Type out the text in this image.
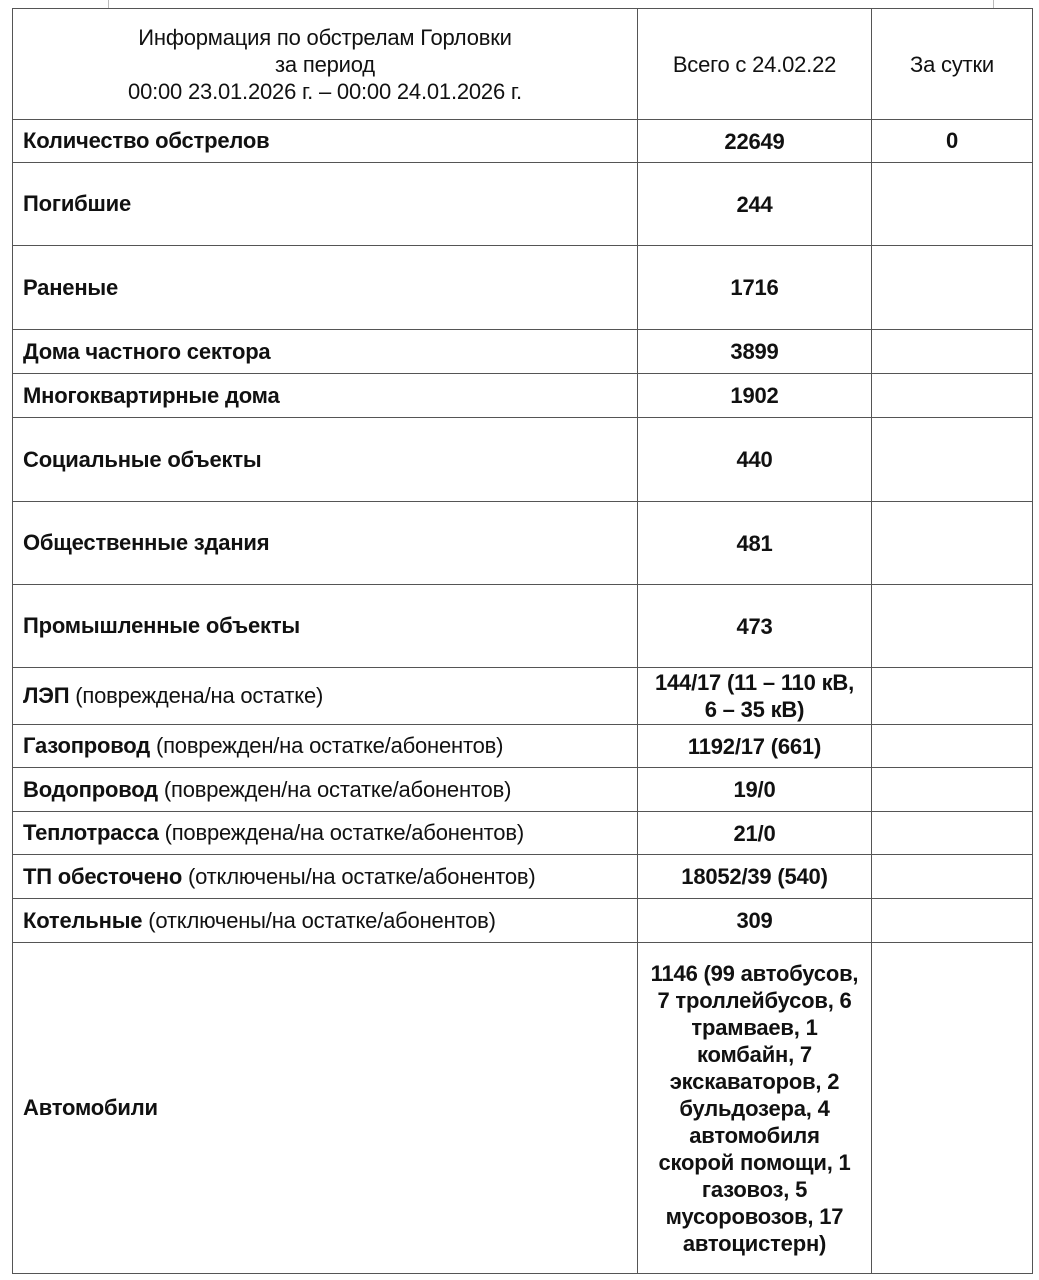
Информация по обстрелам Горловки
за период
00:00 23.01.2026 г. – 00:00 24.01.2026 г.	Всего с 24.02.22	За сутки
Количество обстрелов	22649	0
Погибшие	244	
Раненые	1716	
Дома частного сектора	3899	
Многоквартирные дома	1902	
Социальные объекты	440	
Общественные здания	481	
Промышленные объекты	473	
ЛЭП (повреждена/на остатке)	144/17 (11 – 110 кВ, 6 – 35 кВ)	
Газопровод (поврежден/на остатке/абонентов)	1192/17 (661)	
Водопровод (поврежден/на остатке/абонентов)	19/0	
Теплотрасса (повреждена/на остатке/абонентов)	21/0	
ТП обесточено (отключены/на остатке/абонентов)	18052/39 (540)	
Котельные (отключены/на остатке/абонентов)	309	
Автомобили	1146 (99 автобусов, 7 троллейбусов, 6 трамваев, 1 комбайн, 7 экскаваторов, 2 бульдозера, 4 автомобиля скорой помощи, 1 газовоз, 5 мусоровозов, 17 автоцистерн)	
